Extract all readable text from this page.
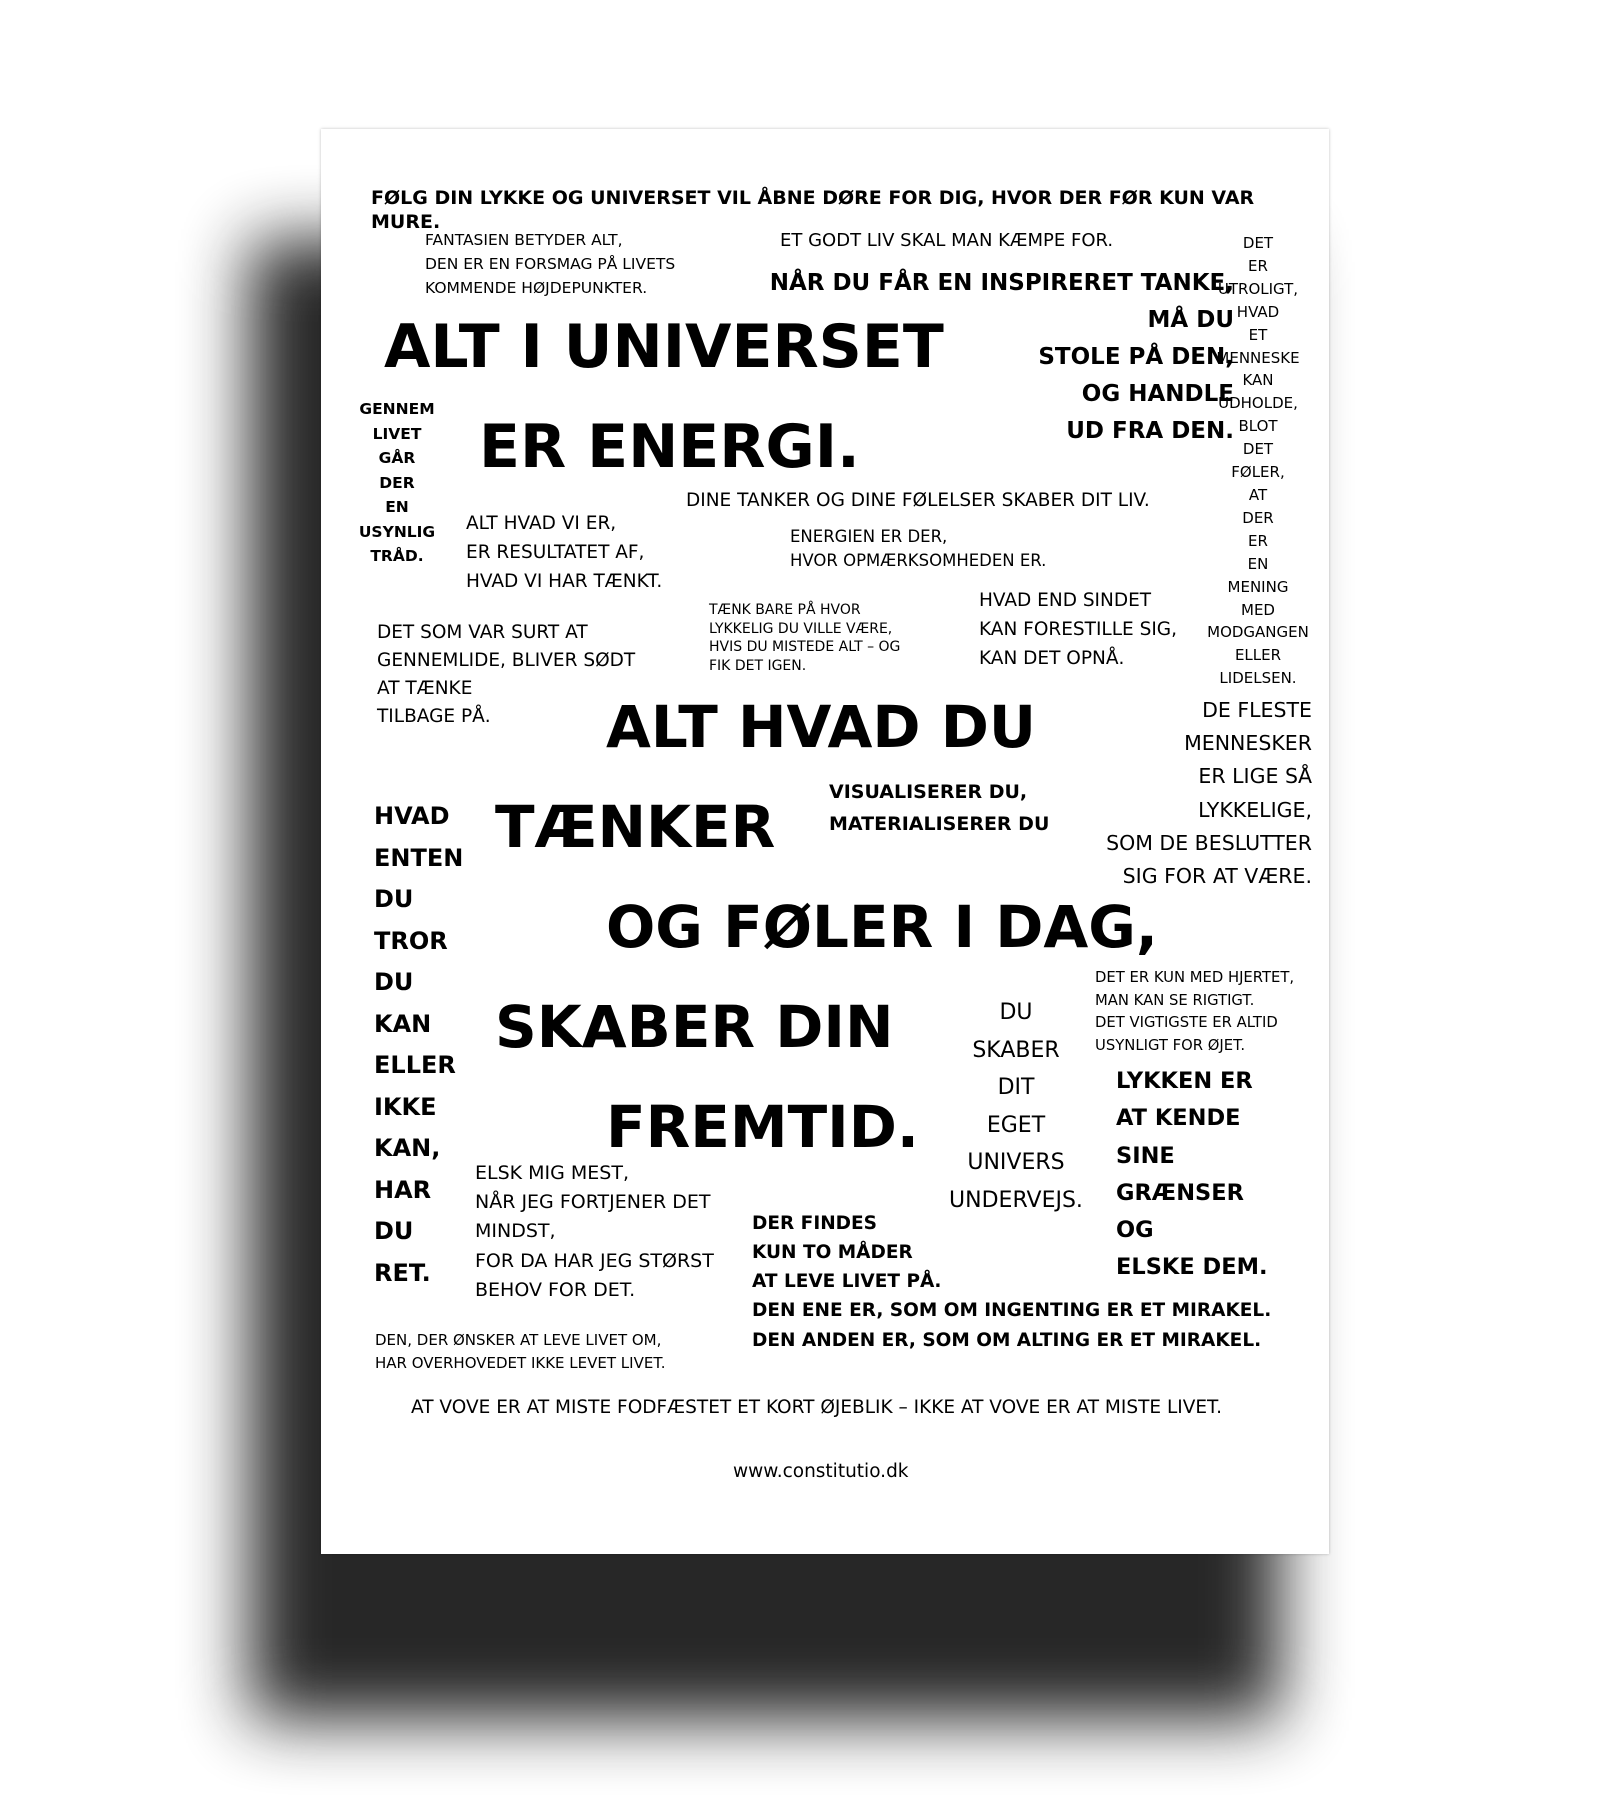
FØLG DIN LYKKE OG UNIVERSET VIL ÅBNE DØRE FOR DIG, HVOR DER FØR KUN VAR MURE.

FANTASIEN BETYDER ALT,
DEN ER EN FORSMAG PÅ LIVETS
KOMMENDE HØJDEPUNKTER.

ET GODT LIV SKAL MAN KÆMPE FOR.

NÅR DU FÅR EN INSPIRERET TANKE,
MÅ DU
STOLE PÅ DEN,
OG HANDLE
UD FRA DEN.

DET
ER
UTROLIGT,
HVAD
ET
MENNESKE
KAN
UDHOLDE,
BLOT
DET
FØLER,
AT
DER
ER
EN
MENING
MED
MODGANGEN
ELLER
LIDELSEN.

ALT I UNIVERSET

ER ENERGI.

GENNEM
LIVET
GÅR
DER
EN
USYNLIG
TRÅD.

DINE TANKER OG DINE FØLELSER SKABER DIT LIV.

ALT HVAD VI ER,
ER RESULTATET AF,
HVAD VI HAR TÆNKT.

ENERGIEN ER DER,
HVOR OPMÆRKSOMHEDEN ER.

TÆNK BARE PÅ HVOR
LYKKELIG DU VILLE VÆRE,
HVIS DU MISTEDE ALT – OG
FIK DET IGEN.

HVAD END SINDET
KAN FORESTILLE SIG,
KAN DET OPNÅ.

DET SOM VAR SURT AT
GENNEMLIDE, BLIVER SØDT
AT TÆNKE
TILBAGE PÅ.	ALT HVAD DU

TÆNKER

VISUALISERER DU,
MATERIALISERER DU

DE FLESTE
MENNESKER
ER LIGE SÅ
LYKKELIGE,
SOM DE BESLUTTER
SIG FOR AT VÆRE.

HVAD
ENTEN
DU
TROR
DU
KAN
ELLER
IKKE
KAN,
HAR
DU
RET.

OG FØLER I DAG,

DET ER KUN MED HJERTET,
MAN KAN SE RIGTIGT.
DET VIGTIGSTE ER ALTID
USYNLIGT FOR ØJET.

SKABER DIN	DU
SKABER
DIT
EGET
UNIVERS
UNDERVEJS.

LYKKEN ER
AT KENDE
SINE
GRÆNSER
OG
ELSKE DEM.

FREMTID.

ELSK MIG MEST,
NÅR JEG FORTJENER DET
MINDST,
FOR DA HAR JEG STØRST
BEHOV FOR DET.

DER FINDES
KUN TO MÅDER
AT LEVE LIVET PÅ.

DEN ENE ER, SOM OM INGENTING ER ET MIRAKEL.
DEN ANDEN ER, SOM OM ALTING ER ET MIRAKEL.

DEN, DER ØNSKER AT LEVE LIVET OM,
HAR OVERHOVEDET IKKE LEVET LIVET.

AT VOVE ER AT MISTE FODFÆSTET ET KORT ØJEBLIK – IKKE AT VOVE ER AT MISTE LIVET.

www.constitutio.dk
